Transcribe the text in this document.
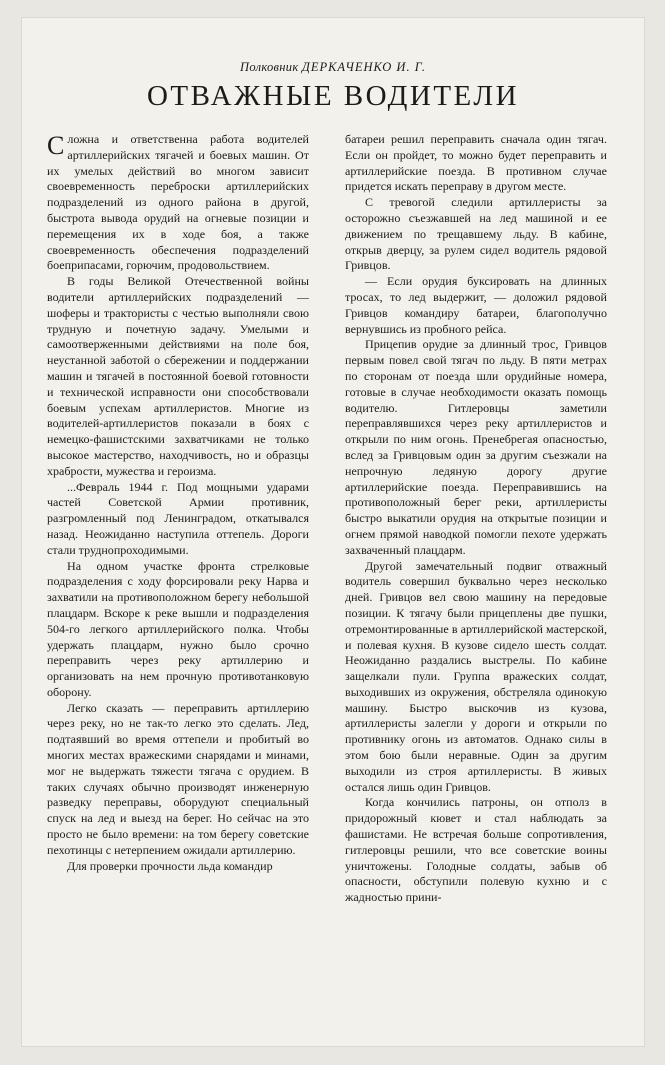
Полковник ДЕРКАЧЕНКО И. Г.
ОТВАЖНЫЕ ВОДИТЕЛИ

Сложна и ответственна работа водителей артиллерийских тягачей и боевых машин. От их умелых действий во многом зависит своевременность переброски артиллерийских подразделений из одного района в другой, быстрота вывода орудий на огневые позиции и перемещения их в ходе боя, а также своевременность обеспечения подразделений боеприпасами, горючим, продовольствием.

В годы Великой Отечественной войны водители артиллерийских подразделений — шоферы и трактористы с честью выполняли свою трудную и почетную задачу. Умелыми и самоотверженными действиями на поле боя, неустанной заботой о сбережении и поддержании машин и тягачей в постоянной боевой готовности и технической исправности они способствовали боевым успехам артиллеристов. Многие из водителей-артиллеристов показали в боях с немецко-фашистскими захватчиками не только высокое мастерство, находчивость, но и образцы храбрости, мужества и героизма.

...Февраль 1944 г. Под мощными ударами частей Советской Армии противник, разгромленный под Ленинградом, откатывался назад. Неожиданно наступила оттепель. Дороги стали труднопроходимыми.

На одном участке фронта стрелковые подразделения с ходу форсировали реку Нарва и захватили на противоположном берегу небольшой плацдарм. Вскоре к реке вышли и подразделения 504-го легкого артиллерийского полка. Чтобы удержать плацдарм, нужно было срочно переправить через реку артиллерию и организовать на нем прочную противотанковую оборону.

Легко сказать — переправить артиллерию через реку, но не так-то легко это сделать. Лед, подтаявший во время оттепели и пробитый во многих местах вражескими снарядами и минами, мог не выдержать тяжести тягача с орудием. В таких случаях обычно производят инженерную разведку переправы, оборудуют специальный спуск на лед и выезд на берег. Но сейчас на это просто не было времени: на том берегу советские пехотинцы с нетерпением ожидали артиллерию.

Для проверки прочности льда командир

батареи решил переправить сначала один тягач. Если он пройдет, то можно будет переправить и артиллерийские поезда. В противном случае придется искать переправу в другом месте.

С тревогой следили артиллеристы за осторожно съезжавшей на лед машиной и ее движением по трещавшему льду. В кабине, открыв дверцу, за рулем сидел водитель рядовой Гривцов.

— Если орудия буксировать на длинных тросах, то лед выдержит, — доложил рядовой Гривцов командиру батареи, благополучно вернувшись из пробного рейса.

Прицепив орудие за длинный трос, Гривцов первым повел свой тягач по льду. В пяти метрах по сторонам от поезда шли орудийные номера, готовые в случае необходимости оказать помощь водителю. Гитлеровцы заметили переправлявшихся через реку артиллеристов и открыли по ним огонь. Пренебрегая опасностью, вслед за Гривцовым один за другим съезжали на непрочную ледяную дорогу другие артиллерийские поезда. Переправившись на противоположный берег реки, артиллеристы быстро выкатили орудия на открытые позиции и огнем прямой наводкой помогли пехоте удержать захваченный плацдарм.

Другой замечательный подвиг отважный водитель совершил буквально через несколько дней. Гривцов вел свою машину на передовые позиции. К тягачу были прицеплены две пушки, отремонтированные в артиллерийской мастерской, и полевая кухня. В кузове сидело шесть солдат. Неожиданно раздались выстрелы. По кабине защелкали пули. Группа вражеских солдат, выходивших из окружения, обстреляла одинокую машину. Быстро выскочив из кузова, артиллеристы залегли у дороги и открыли по противнику огонь из автоматов. Однако силы в этом бою были неравные. Один за другим выходили из строя артиллеристы. В живых остался лишь один Гривцов.

Когда кончились патроны, он отполз в придорожный кювет и стал наблюдать за фашистами. Не встречая больше сопротивления, гитлеровцы решили, что все советские воины уничтожены. Голодные солдаты, забыв об опасности, обступили полевую кухню и с жадностью прини-
